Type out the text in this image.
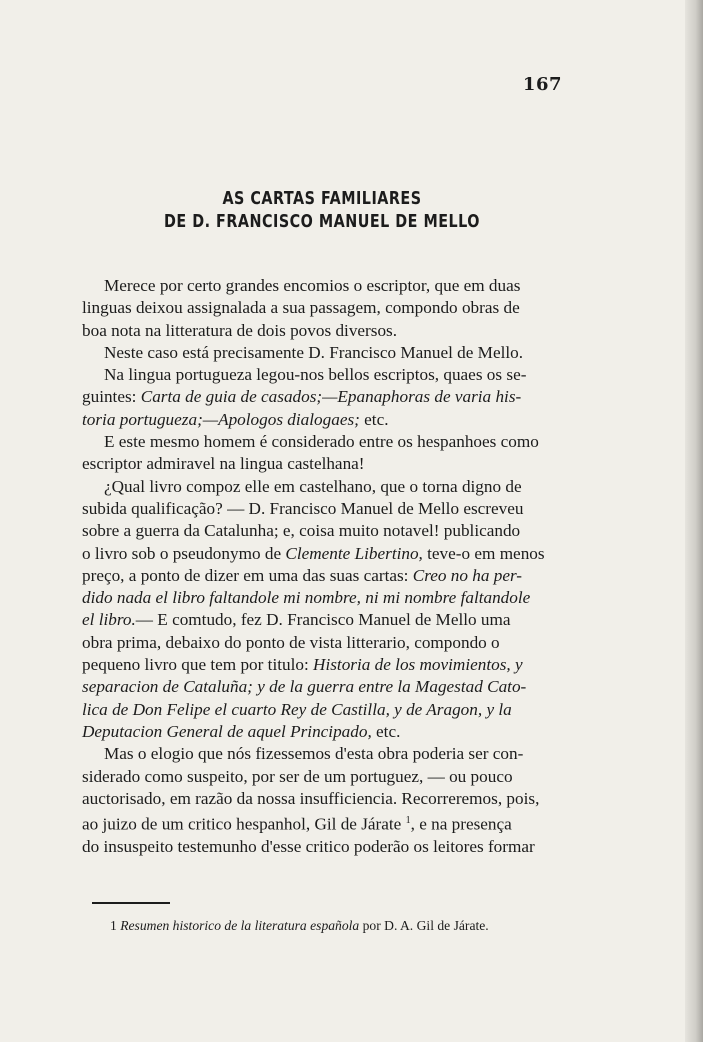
167
AS CARTAS FAMILIARES
DE D. FRANCISCO MANUEL DE MELLO
Merece por certo grandes encomios o escriptor, que em duas
linguas deixou assignalada a sua passagem, compondo obras de
boa nota na litteratura de dois povos diversos.
Neste caso está precisamente D. Francisco Manuel de Mello.
Na lingua portugueza legou-nos bellos escriptos, quaes os se-
guintes: Carta de guia de casados;—Epanaphoras de varia his-
toria portugueza;—Apologos dialogaes; etc.
E este mesmo homem é considerado entre os hespanhoes como
escriptor admiravel na lingua castelhana!
¿Qual livro compoz elle em castelhano, que o torna digno de
subida qualificação? — D. Francisco Manuel de Mello escreveu
sobre a guerra da Catalunha; e, coisa muito notavel! publicando
o livro sob o pseudonymo de Clemente Libertino, teve-o em menos
preço, a ponto de dizer em uma das suas cartas: Creo no ha per-
dido nada el libro faltandole mi nombre, ni mi nombre faltandole
el libro.— E comtudo, fez D. Francisco Manuel de Mello uma
obra prima, debaixo do ponto de vista litterario, compondo o
pequeno livro que tem por titulo: Historia de los movimientos, y
separacion de Cataluña; y de la guerra entre la Magestad Cato-
lica de Don Felipe el cuarto Rey de Castilla, y de Aragon, y la
Deputacion General de aquel Principado, etc.
Mas o elogio que nós fizessemos d'esta obra poderia ser con-
siderado como suspeito, por ser de um portuguez, — ou pouco
auctorisado, em razão da nossa insufficiencia. Recorreremos, pois,
ao juizo de um critico hespanhol, Gil de Járate $^1$, e na presença
do insuspeito testemunho d'esse critico poderão os leitores formar
1 Resumen historico de la literatura española por D. A. Gil de Járate.
